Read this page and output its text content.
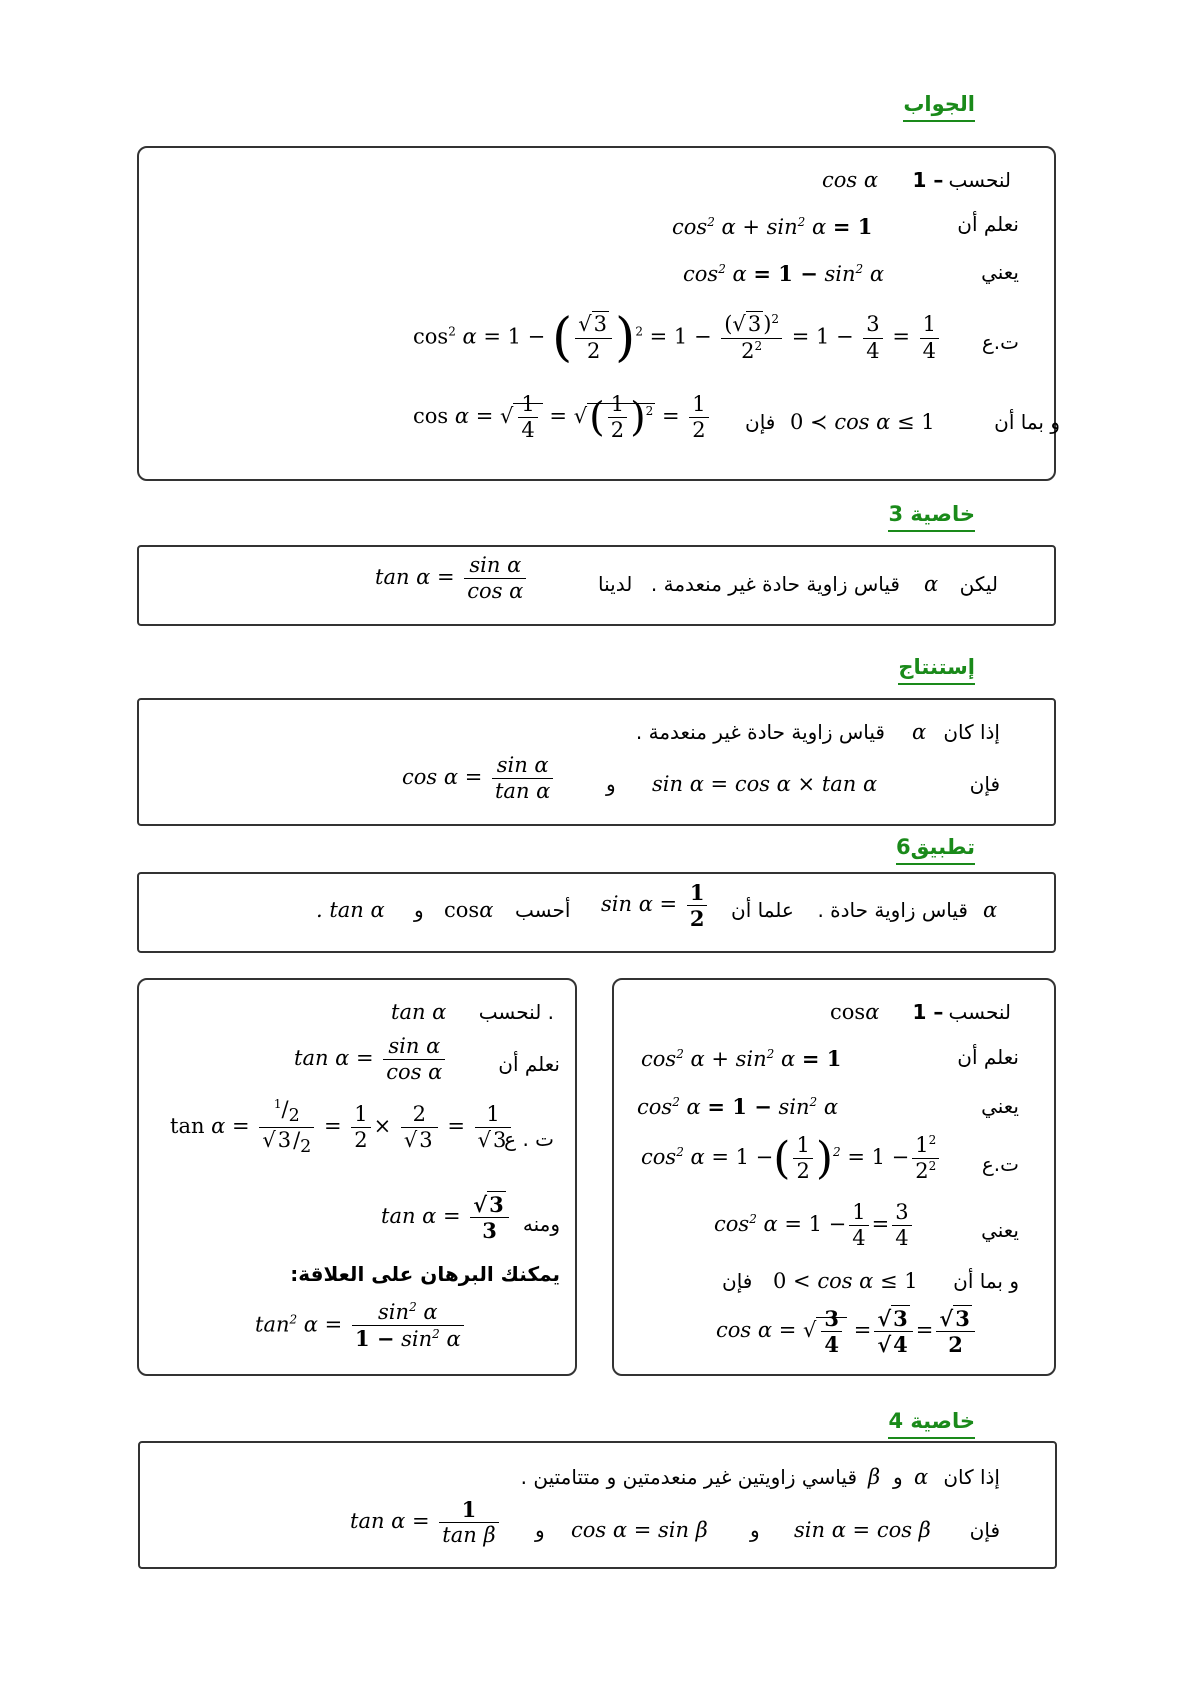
الجواب
1 – لنحسب
cos α
نعلم أن
$\cos^2 \alpha + \sin^2 \alpha = 1$
يعني
$\cos^2 \alpha = 1 - \sin^2 \alpha$
ت.ع
$\cos^2 \alpha = 1$ − ( $\frac{√3}{2} )^2 = 1 - \frac{(√3)^2}{2^2} = 1 - \frac{3}{4} = \frac{1}{4}$
و بما أن
0 ≺ cos α ≤ 1
فإن
cos α = √ $\frac{1}{4}$ = √( $\frac{1}{2} )^2 = \frac{1}{2}$
خاصية 3
ليكن
α
قياس زاوية حادة غير منعدمة .
لدينا
$\tan \alpha = \frac{\text{sin α}}{\text{cos α}}$
إستنتاج
إذا كان
α
قياس زاوية حادة غير منعدمة .
فإن
sin α = cos α × tan α
و
$\cos \alpha = \frac{\text{sin α}}{\text{tan α}}$
تطبيق6
α
قياس زاوية حادة .
علما أن
$\sin \alpha = \frac{1}{2}$
أحسب
cosα
و
. tan α
1 – لنحسب
cosα
نعلم أن
$\cos^2 \alpha + \sin^2 \alpha = 1$
يعني
$\cos^2 \alpha = 1 - \sin^2 \alpha$
ت.ع
$\cos^2 \alpha = 1$ −( $\frac{1}{2} )^2 = 1 - \frac{1^2}{2^2}$
يعني
$\cos^2 \alpha = 1 - \frac{1}{4} = \frac{3}{4}$
و بما أن
0 < cos α ≤ 1
فإن
cos α = √ $\frac{3}{4} = \frac{√3}{√4} = \frac{√3}{2}$
. لنحسب
tan α
نعلم أن
$\tan \alpha = \frac{\text{sin α}}{\text{cos α}}$
ت . ع
$\tan \alpha = \frac{^1/_2}{√3/_2} = \frac{1}{2} \times \frac{2}{√3} = \frac{1}{√3}$
ومنه
$\tan \alpha = \frac{√3}{3}$
يمكنك البرهان على العلاقة:
$\tan^2 \alpha = \frac{\sin^2 \alpha}{1 - \sin^2 \alpha}$
خاصية 4
إذا كان
α
و
β
قياسي زاويتين غير منعدمتين و متتامتين .
فإن
sin α = cos β
و
cos α = sin β
و
$\tan \alpha = \frac{1}{\text{tan β}}$
